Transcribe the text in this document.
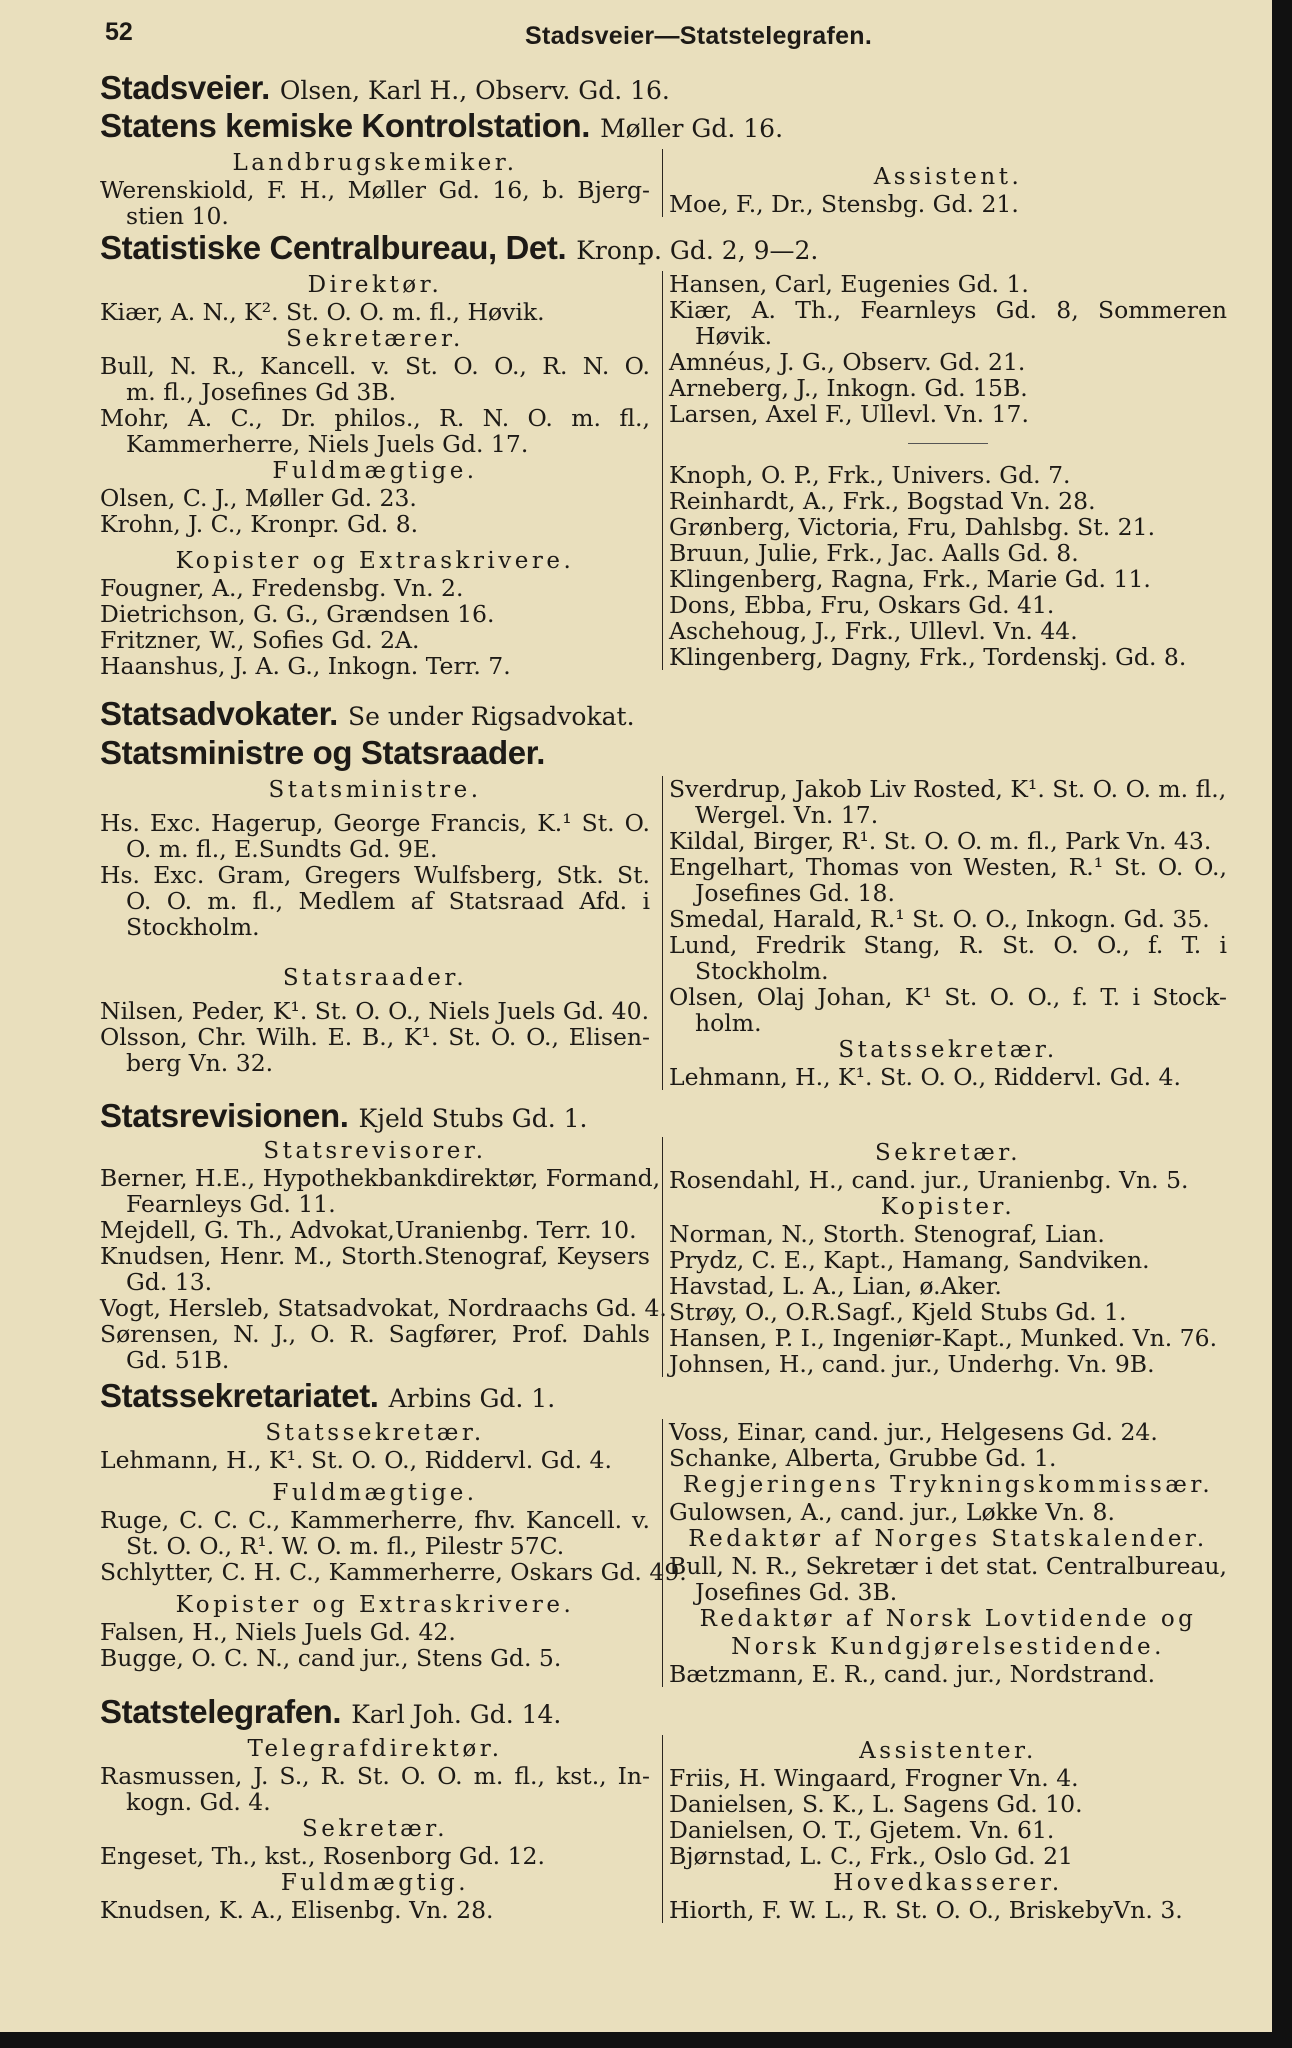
52	Stadsveier—Statstelegrafen.
Stadsveier. Olsen, Karl H., Observ. Gd. 16.
Statens kemiske Kontrolstation. Møller Gd. 16.
Landbrugskemiker.
Werenskiold, F. H., Møller Gd. 16, b. Bjerg-
stien 10.
Assistent.
Moe, F., Dr., Stensbg. Gd. 21.
Statistiske Centralbureau, Det. Kronp. Gd. 2, 9—2.
Direktør.
Kiær, A. N., K². St. O. O. m. fl., Høvik.
Sekretærer.
Bull, N. R., Kancell. v. St. O. O., R. N. O.
m. fl., Josefines Gd 3B.
Mohr, A. C., Dr. philos., R. N. O. m. fl.,
Kammerherre, Niels Juels Gd. 17.
Fuldmægtige.
Olsen, C. J., Møller Gd. 23.
Krohn, J. C., Kronpr. Gd. 8.
Kopister og Extraskrivere.
Fougner, A., Fredensbg. Vn. 2.
Dietrichson, G. G., Grændsen 16.
Fritzner, W., Sofies Gd. 2A.
Haanshus, J. A. G., Inkogn. Terr. 7.
Hansen, Carl, Eugenies Gd. 1.
Kiær, A. Th., Fearnleys Gd. 8, Sommeren
Høvik.
Amnéus, J. G., Observ. Gd. 21.
Arneberg, J., Inkogn. Gd. 15B.
Larsen, Axel F., Ullevl. Vn. 17.
Knoph, O. P., Frk., Univers. Gd. 7.
Reinhardt, A., Frk., Bogstad Vn. 28.
Grønberg, Victoria, Fru, Dahlsbg. St. 21.
Bruun, Julie, Frk., Jac. Aalls Gd. 8.
Klingenberg, Ragna, Frk., Marie Gd. 11.
Dons, Ebba, Fru, Oskars Gd. 41.
Aschehoug, J., Frk., Ullevl. Vn. 44.
Klingenberg, Dagny, Frk., Tordenskj. Gd. 8.
Statsadvokater. Se under Rigsadvokat.
Statsministre og Statsraader.
Statsministre.
Hs. Exc. Hagerup, George Francis, K.¹ St. O.
O. m. fl., E.Sundts Gd. 9E.
Hs. Exc. Gram, Gregers Wulfsberg, Stk. St.
O. O. m. fl., Medlem af Statsraad Afd. i
Stockholm.
Statsraader.
Nilsen, Peder, K¹. St. O. O., Niels Juels Gd. 40.
Olsson, Chr. Wilh. E. B., K¹. St. O. O., Elisen-
berg Vn. 32.
Sverdrup, Jakob Liv Rosted, K¹. St. O. O. m. fl.,
Wergel. Vn. 17.
Kildal, Birger, R¹. St. O. O. m. fl., Park Vn. 43.
Engelhart, Thomas von Westen, R.¹ St. O. O.,
Josefines Gd. 18.
Smedal, Harald, R.¹ St. O. O., Inkogn. Gd. 35.
Lund, Fredrik Stang, R. St. O. O., f. T. i
Stockholm.
Olsen, Olaj Johan, K¹ St. O. O., f. T. i Stock-
holm.
Statssekretær.
Lehmann, H., K¹. St. O. O., Riddervl. Gd. 4.
Statsrevisionen. Kjeld Stubs Gd. 1.
Statsrevisorer.
Berner, H.E., Hypothekbankdirektør, Formand,
Fearnleys Gd. 11.
Mejdell, G. Th., Advokat,Uranienbg. Terr. 10.
Knudsen, Henr. M., Storth.Stenograf, Keysers
Gd. 13.
Vogt, Hersleb, Statsadvokat, Nordraachs Gd. 4.
Sørensen, N. J., O. R. Sagfører, Prof. Dahls
Gd. 51B.
Sekretær.
Rosendahl, H., cand. jur., Uranienbg. Vn. 5.
Kopister.
Norman, N., Storth. Stenograf, Lian.
Prydz, C. E., Kapt., Hamang, Sandviken.
Havstad, L. A., Lian, ø.Aker.
Strøy, O., O.R.Sagf., Kjeld Stubs Gd. 1.
Hansen, P. I., Ingeniør-Kapt., Munked. Vn. 76.
Johnsen, H., cand. jur., Underhg. Vn. 9B.
Statssekretariatet. Arbins Gd. 1.
Statssekretær.
Lehmann, H., K¹. St. O. O., Riddervl. Gd. 4.
Fuldmægtige.
Ruge, C. C. C., Kammerherre, fhv. Kancell. v.
St. O. O., R¹. W. O. m. fl., Pilestr 57C.
Schlytter, C. H. C., Kammerherre, Oskars Gd. 49.
Kopister og Extraskrivere.
Falsen, H., Niels Juels Gd. 42.
Bugge, O. C. N., cand jur., Stens Gd. 5.
Voss, Einar, cand. jur., Helgesens Gd. 24.
Schanke, Alberta, Grubbe Gd. 1.
Regjeringens Trykningskommissær.
Gulowsen, A., cand. jur., Løkke Vn. 8.
Redaktør af Norges Statskalender.
Bull, N. R., Sekretær i det stat. Centralbureau,
Josefines Gd. 3B.
Redaktør af Norsk Lovtidende og
Norsk Kundgjørelsestidende.
Bætzmann, E. R., cand. jur., Nordstrand.
Statstelegrafen. Karl Joh. Gd. 14.
Telegrafdirektør.
Rasmussen, J. S., R. St. O. O. m. fl., kst., In-
kogn. Gd. 4.
Sekretær.
Engeset, Th., kst., Rosenborg Gd. 12.
Fuldmægtig.
Knudsen, K. A., Elisenbg. Vn. 28.
Assistenter.
Friis, H. Wingaard, Frogner Vn. 4.
Danielsen, S. K., L. Sagens Gd. 10.
Danielsen, O. T., Gjetem. Vn. 61.
Bjørnstad, L. C., Frk., Oslo Gd. 21
Hovedkasserer.
Hiorth, F. W. L., R. St. O. O., BriskebyVn. 3.
